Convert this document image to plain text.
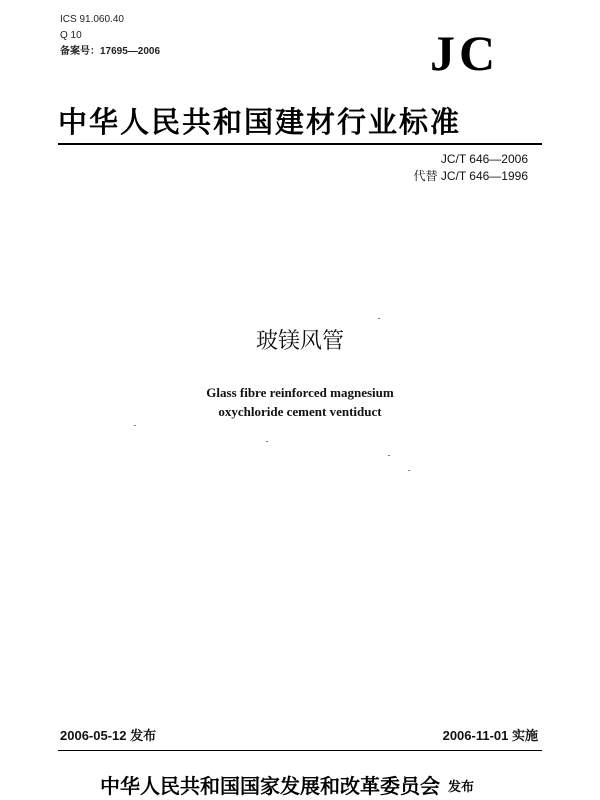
ICS 91.060.40
Q 10
备案号：17695—2006	JC
中华人民共和国建材行业标准
JC/T 646—2006
代替 JC/T 646—1996
玻镁风管
Glass fibre reinforced magnesium
oxychloride cement ventiduct
2006-05-12 发布	2006-11-01 实施
中华人民共和国国家发展和改革委员会 发布
